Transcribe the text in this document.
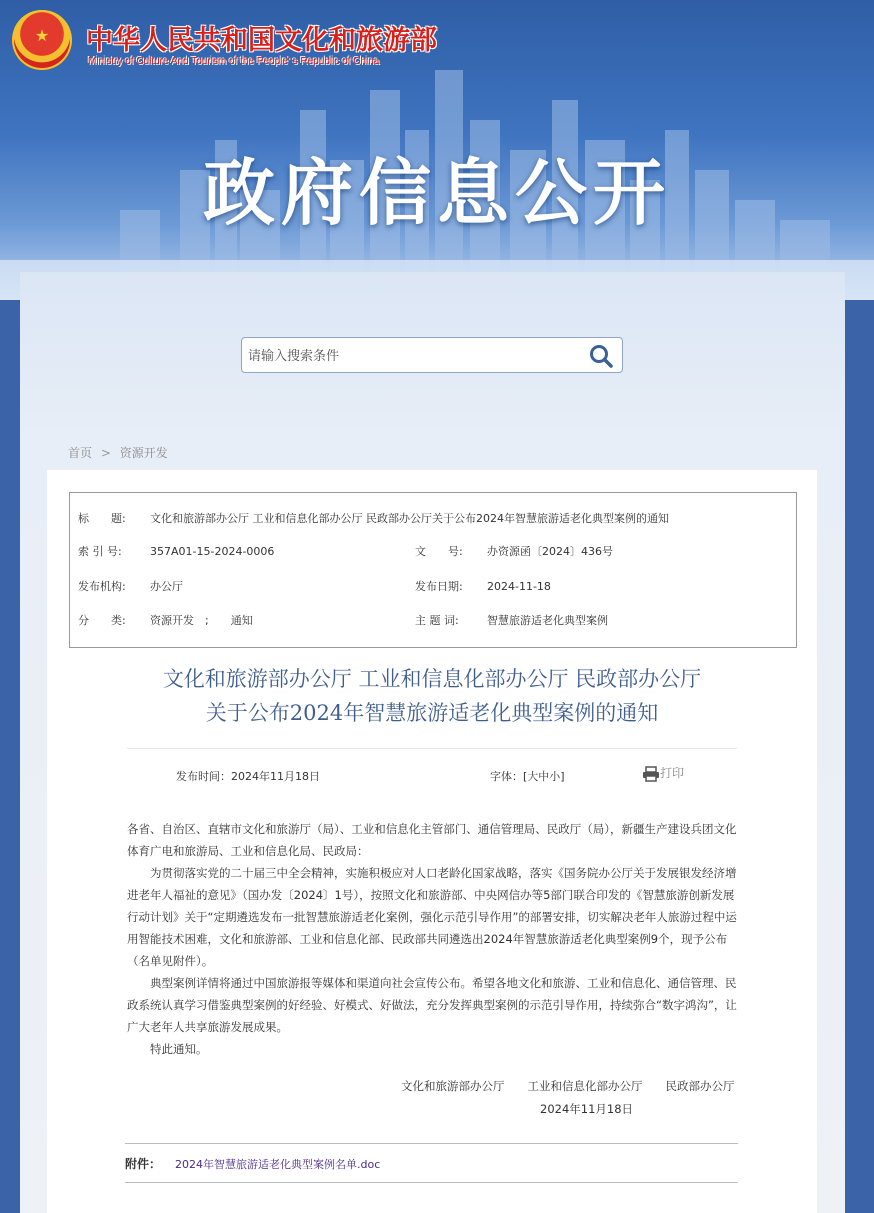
★ 中华人民共和国文化和旅游部
Ministry of Culture And Tourism of the People' s Republic of China
政府信息公开
请输入搜索条件
首页 > 资源开发
标　　题: 文化和旅游部办公厅 工业和信息化部办公厅 民政部办公厅关于公布2024年智慧旅游适老化典型案例的通知
索 引 号:	357A01-15-2024-0006	文　　号: 办资源函〔2024〕436号
发布机构: 办公厅	发布日期: 2024-11-18
分　　类: 资源开发　;　　通知	主 题 词:	智慧旅游适老化典型案例
文化和旅游部办公厅 工业和信息化部办公厅 民政部办公厅
关于公布2024年智慧旅游适老化典型案例的通知
发布时间：2024年11月18日	字体：[大中小]	打印

各省、自治区、直辖市文化和旅游厅（局）、工业和信息化主管部门、通信管理局、民政厅（局），新疆生产建设兵团文化体育广电和旅游局、工业和信息化局、民政局：

为贯彻落实党的二十届三中全会精神，实施积极应对人口老龄化国家战略，落实《国务院办公厅关于发展银发经济增进老年人福祉的意见》（国办发〔2024〕1号），按照文化和旅游部、中央网信办等5部门联合印发的《智慧旅游创新发展行动计划》关于“定期遴选发布一批智慧旅游适老化案例，强化示范引导作用”的部署安排，切实解决老年人旅游过程中运用智能技术困难，文化和旅游部、工业和信息化部、民政部共同遴选出2024年智慧旅游适老化典型案例9个，现予公布（名单见附件）。

典型案例详情将通过中国旅游报等媒体和渠道向社会宣传公布。希望各地文化和旅游、工业和信息化、通信管理、民政系统认真学习借鉴典型案例的好经验、好模式、好做法，充分发挥典型案例的示范引导作用，持续弥合“数字鸿沟”，让广大老年人共享旅游发展成果。

特此通知。

文化和旅游部办公厅　　工业和信息化部办公厅　　民政部办公厅
2024年11月18日
附件： 2024年智慧旅游适老化典型案例名单.doc
